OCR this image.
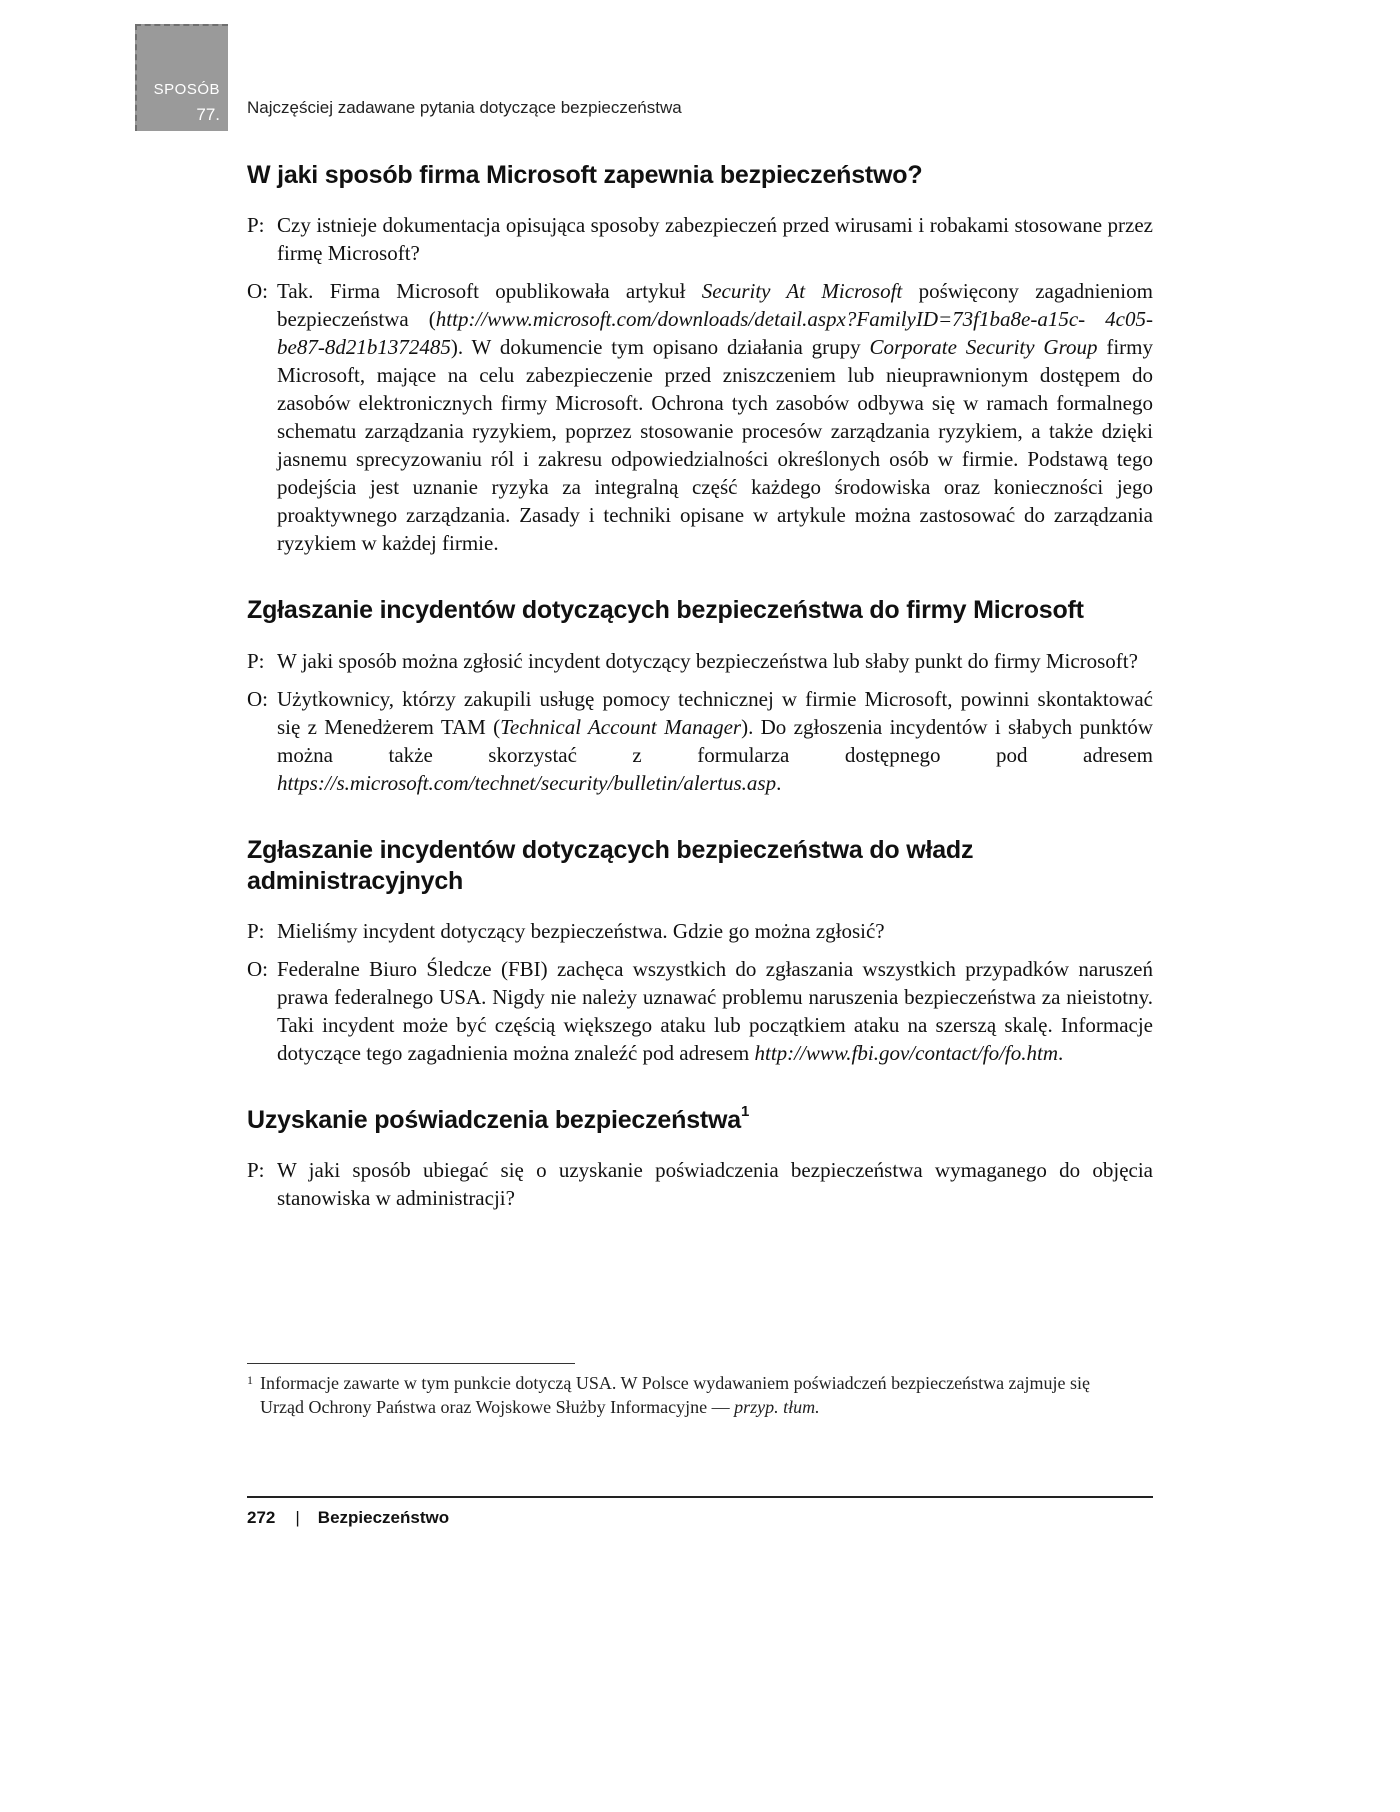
SPOSÓB
77. Najczęściej zadawane pytania dotyczące bezpieczeństwa
W jaki sposób firma Microsoft zapewnia bezpieczeństwo?
P: Czy istnieje dokumentacja opisująca sposoby zabezpieczeń przed wirusami i robakami stosowane przez firmę Microsoft?
O: Tak. Firma Microsoft opublikowała artykuł Security At Microsoft poświęcony zagadnieniom bezpieczeństwa (http://www.microsoft.com/downloads/detail.aspx?FamilyID=73f1ba8e-a15c- 4c05-be87-8d21b1372485). W dokumencie tym opisano działania grupy Corporate Security Group firmy Microsoft, mające na celu zabezpieczenie przed zniszczeniem lub nieuprawnionym dostępem do zasobów elektronicznych firmy Microsoft. Ochrona tych zasobów odbywa się w ramach formalnego schematu zarządzania ryzykiem, poprzez stosowanie procesów zarządzania ryzykiem, a także dzięki jasnemu sprecyzowaniu ról i zakresu odpowiedzialności określonych osób w firmie. Podstawą tego podejścia jest uznanie ryzyka za integralną część każdego środowiska oraz konieczności jego proaktywnego zarządzania. Zasady i techniki opisane w artykule można zastosować do zarządzania ryzykiem w każdej firmie.
Zgłaszanie incydentów dotyczących bezpieczeństwa do firmy Microsoft
P: W jaki sposób można zgłosić incydent dotyczący bezpieczeństwa lub słaby punkt do firmy Microsoft?
O: Użytkownicy, którzy zakupili usługę pomocy technicznej w firmie Microsoft, powinni skontaktować się z Menedżerem TAM (Technical Account Manager). Do zgłoszenia incydentów i słabych punktów można także skorzystać z formularza dostępnego pod adresem https://s.microsoft.com/technet/security/bulletin/alertus.asp.
Zgłaszanie incydentów dotyczących bezpieczeństwa do władz administracyjnych
P: Mieliśmy incydent dotyczący bezpieczeństwa. Gdzie go można zgłosić?
O: Federalne Biuro Śledcze (FBI) zachęca wszystkich do zgłaszania wszystkich przypadków naruszeń prawa federalnego USA. Nigdy nie należy uznawać problemu naruszenia bezpieczeństwa za nieistotny. Taki incydent może być częścią większego ataku lub początkiem ataku na szerszą skalę. Informacje dotyczące tego zagadnienia można znaleźć pod adresem http://www.fbi.gov/contact/fo/fo.htm.
Uzyskanie poświadczenia bezpieczeństwa$^1$
P: W jaki sposób ubiegać się o uzyskanie poświadczenia bezpieczeństwa wymaganego do objęcia stanowiska w administracji?
1 Informacje zawarte w tym punkcie dotyczą USA. W Polsce wydawaniem poświadczeń bezpieczeństwa zajmuje się Urząd Ochrony Państwa oraz Wojskowe Służby Informacyjne — przyp. tłum.
272 | Bezpieczeństwo
